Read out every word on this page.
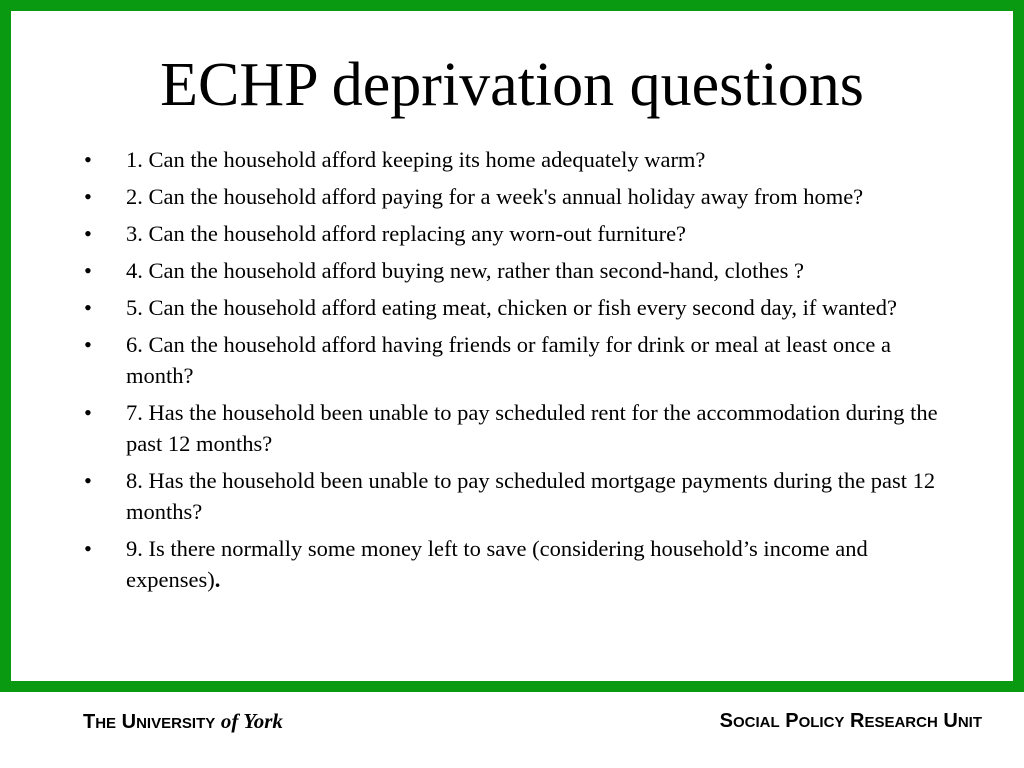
ECHP deprivation questions
• 1. Can the household afford keeping its home adequately warm?
• 2. Can the household afford paying for a week's annual holiday away from home?
• 3. Can the household afford replacing any worn-out furniture?
• 4. Can the household afford buying new, rather than second-hand, clothes ?
• 5. Can the household afford eating meat, chicken or fish every second day, if wanted?
• 6. Can the household afford having friends or family for drink or meal at least once a month?
• 7. Has the household been unable to pay scheduled rent for the accommodation during the past 12 months?
• 8. Has the household been unable to pay scheduled mortgage payments during the past 12 months?
• 9. Is there normally some money left to save (considering household’s income and expenses).
THE UNIVERSITY of York	SOCIAL POLICY RESEARCH UNIT
